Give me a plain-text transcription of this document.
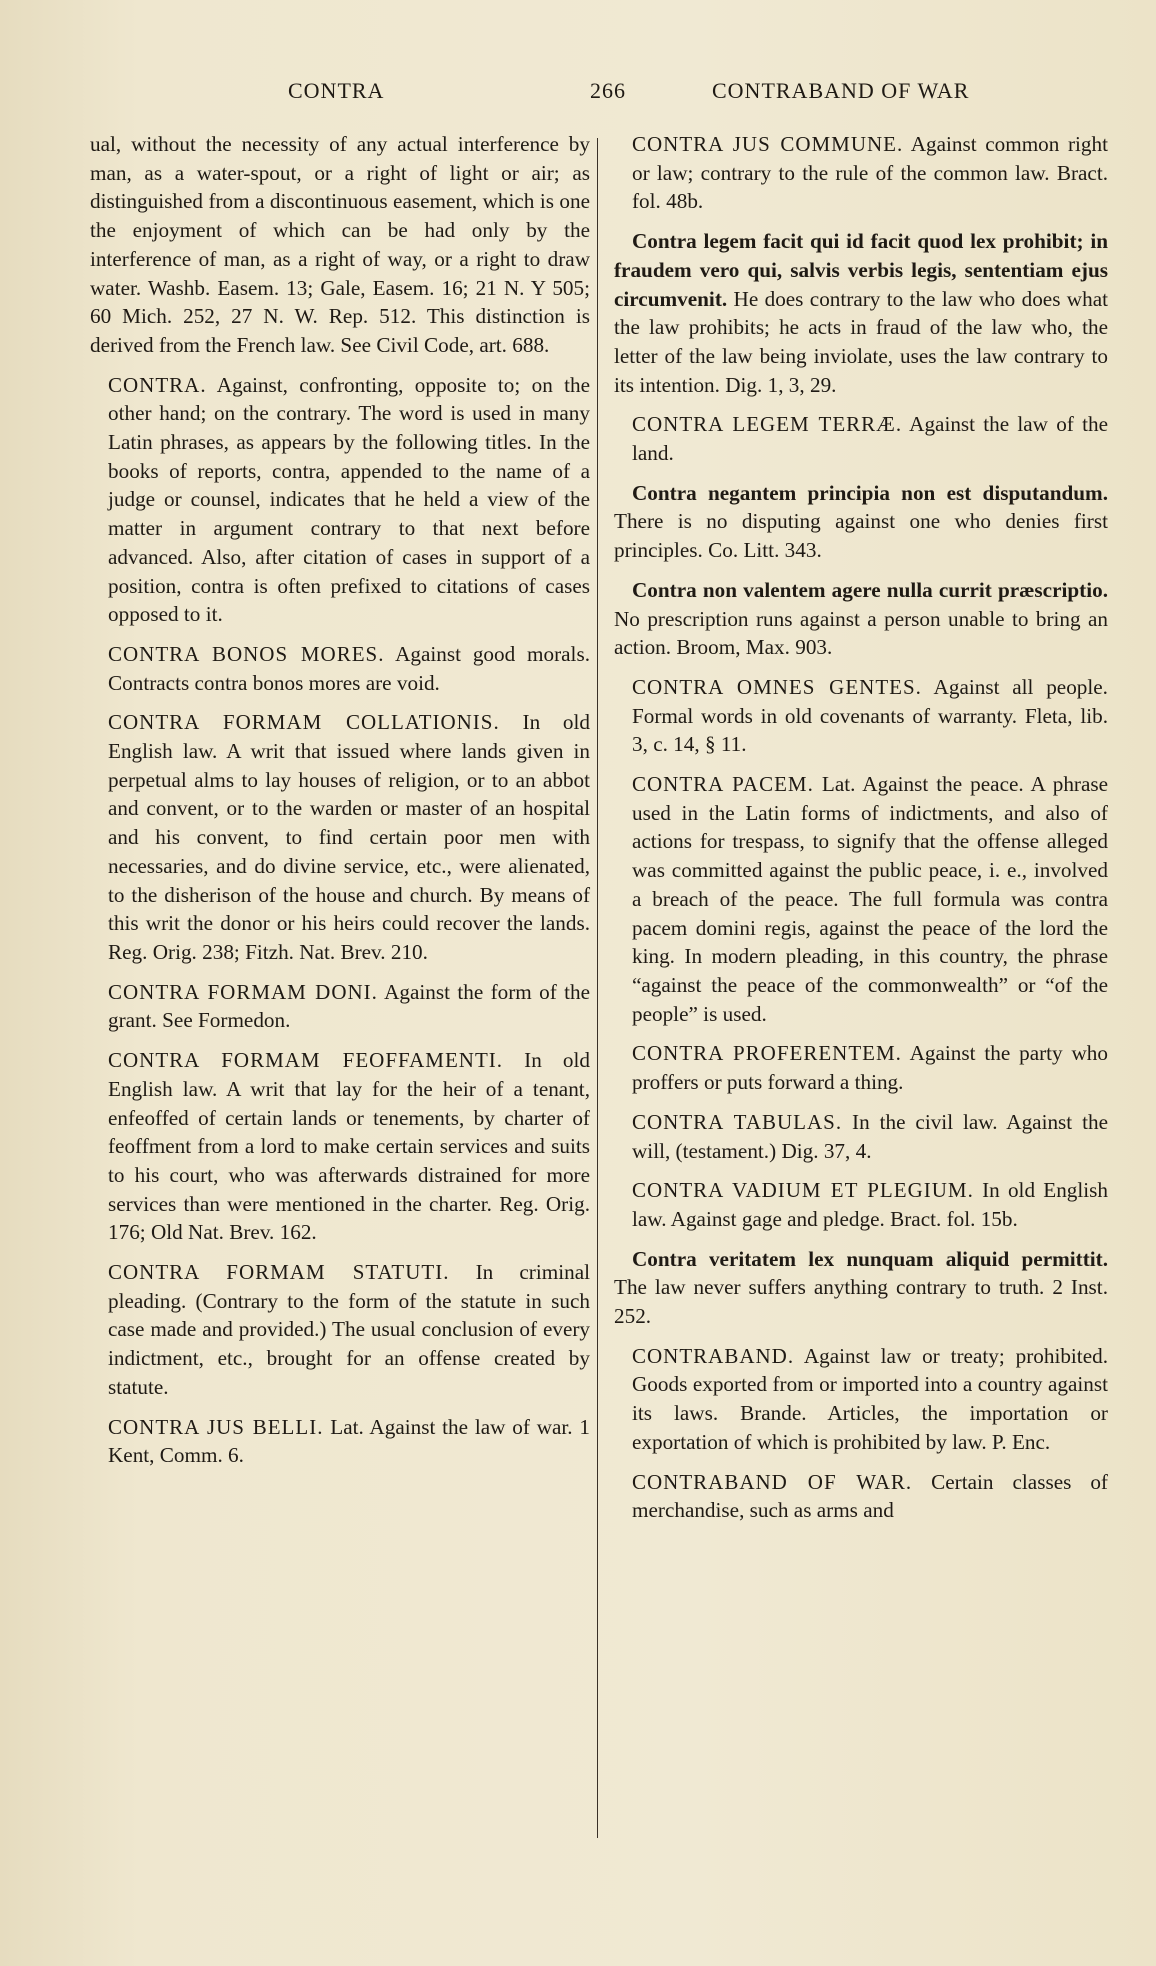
CONTRA	266	CONTRABAND OF WAR

ual, without the necessity of any actual interference by man, as a water-spout, or a right of light or air; as distinguished from a discontinuous easement, which is one the enjoyment of which can be had only by the interference of man, as a right of way, or a right to draw water. Washb. Easem. 13; Gale, Easem. 16; 21 N. Y 505; 60 Mich. 252, 27 N. W. Rep. 512. This distinction is derived from the French law. See Civil Code, art. 688.

CONTRA. Against, confronting, opposite to; on the other hand; on the contrary. The word is used in many Latin phrases, as appears by the following titles. In the books of reports, contra, appended to the name of a judge or counsel, indicates that he held a view of the matter in argument contrary to that next before advanced. Also, after citation of cases in support of a position, contra is often prefixed to citations of cases opposed to it.

CONTRA BONOS MORES. Against good morals. Contracts contra bonos mores are void.

CONTRA FORMAM COLLATIONIS. In old English law. A writ that issued where lands given in perpetual alms to lay houses of religion, or to an abbot and convent, or to the warden or master of an hospital and his convent, to find certain poor men with necessaries, and do divine service, etc., were alienated, to the disherison of the house and church. By means of this writ the donor or his heirs could recover the lands. Reg. Orig. 238; Fitzh. Nat. Brev. 210.

CONTRA FORMAM DONI. Against the form of the grant. See Formedon.

CONTRA FORMAM FEOFFAMENTI. In old English law. A writ that lay for the heir of a tenant, enfeoffed of certain lands or tenements, by charter of feoffment from a lord to make certain services and suits to his court, who was afterwards distrained for more services than were mentioned in the charter. Reg. Orig. 176; Old Nat. Brev. 162.

CONTRA FORMAM STATUTI. In criminal pleading. (Contrary to the form of the statute in such case made and provided.) The usual conclusion of every indictment, etc., brought for an offense created by statute.

CONTRA JUS BELLI. Lat. Against the law of war. 1 Kent, Comm. 6.

CONTRA JUS COMMUNE. Against common right or law; contrary to the rule of the common law. Bract. fol. 48b.

Contra legem facit qui id facit quod lex prohibit; in fraudem vero qui, salvis verbis legis, sententiam ejus circumvenit. He does contrary to the law who does what the law prohibits; he acts in fraud of the law who, the letter of the law being inviolate, uses the law contrary to its intention. Dig. 1, 3, 29.

CONTRA LEGEM TERRÆ. Against the law of the land.

Contra negantem principia non est disputandum. There is no disputing against one who denies first principles. Co. Litt. 343.

Contra non valentem agere nulla currit præscriptio. No prescription runs against a person unable to bring an action. Broom, Max. 903.

CONTRA OMNES GENTES. Against all people. Formal words in old covenants of warranty. Fleta, lib. 3, c. 14, § 11.

CONTRA PACEM. Lat. Against the peace. A phrase used in the Latin forms of indictments, and also of actions for trespass, to signify that the offense alleged was committed against the public peace, i. e., involved a breach of the peace. The full formula was contra pacem domini regis, against the peace of the lord the king. In modern pleading, in this country, the phrase “against the peace of the commonwealth” or “of the people” is used.

CONTRA PROFERENTEM. Against the party who proffers or puts forward a thing.

CONTRA TABULAS. In the civil law. Against the will, (testament.) Dig. 37, 4.

CONTRA VADIUM ET PLEGIUM. In old English law. Against gage and pledge. Bract. fol. 15b.

Contra veritatem lex nunquam aliquid permittit. The law never suffers anything contrary to truth. 2 Inst. 252.

CONTRABAND. Against law or treaty; prohibited. Goods exported from or imported into a country against its laws. Brande. Articles, the importation or exportation of which is prohibited by law. P. Enc.

CONTRABAND OF WAR. Certain classes of merchandise, such as arms and
